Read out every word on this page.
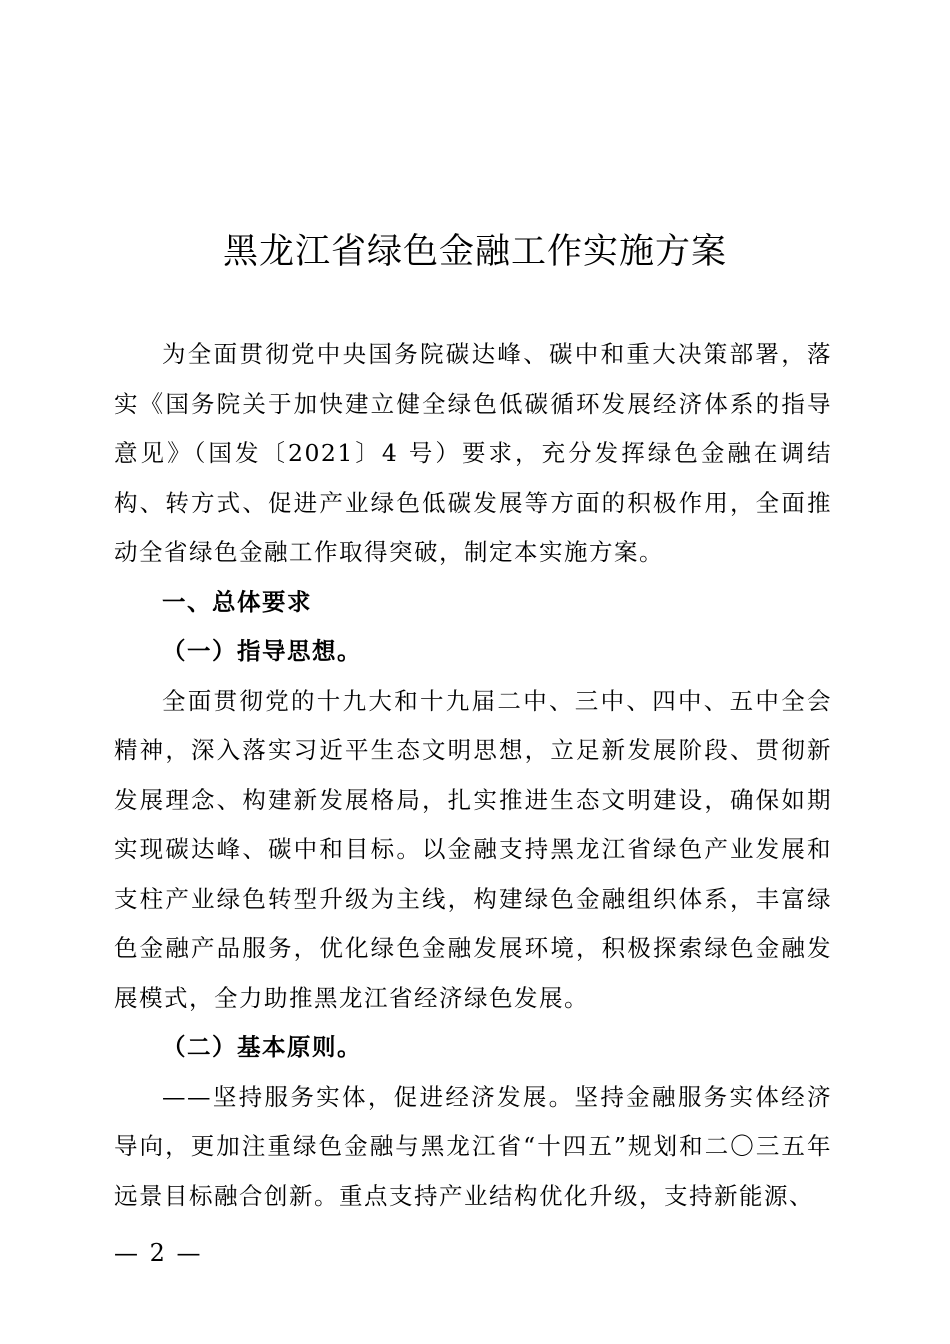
黑龙江省绿色金融工作实施方案

为全面贯彻党中央国务院碳达峰、碳中和重大决策部署，落实《国务院关于加快建立健全绿色低碳循环发展经济体系的指导意见》（国发〔2021〕4 号）要求，充分发挥绿色金融在调结构、转方式、促进产业绿色低碳发展等方面的积极作用，全面推动全省绿色金融工作取得突破，制定本实施方案。

一、总体要求

（一）指导思想。

全面贯彻党的十九大和十九届二中、三中、四中、五中全会精神，深入落实习近平生态文明思想，立足新发展阶段、贯彻新发展理念、构建新发展格局，扎实推进生态文明建设，确保如期实现碳达峰、碳中和目标。以金融支持黑龙江省绿色产业发展和支柱产业绿色转型升级为主线，构建绿色金融组织体系，丰富绿色金融产品服务，优化绿色金融发展环境，积极探索绿色金融发展模式，全力助推黑龙江省经济绿色发展。

（二）基本原则。

——坚持服务实体，促进经济发展。坚持金融服务实体经济导向，更加注重绿色金融与黑龙江省“十四五”规划和二〇三五年远景目标融合创新。重点支持产业结构优化升级，支持新能源、

— 2 —
